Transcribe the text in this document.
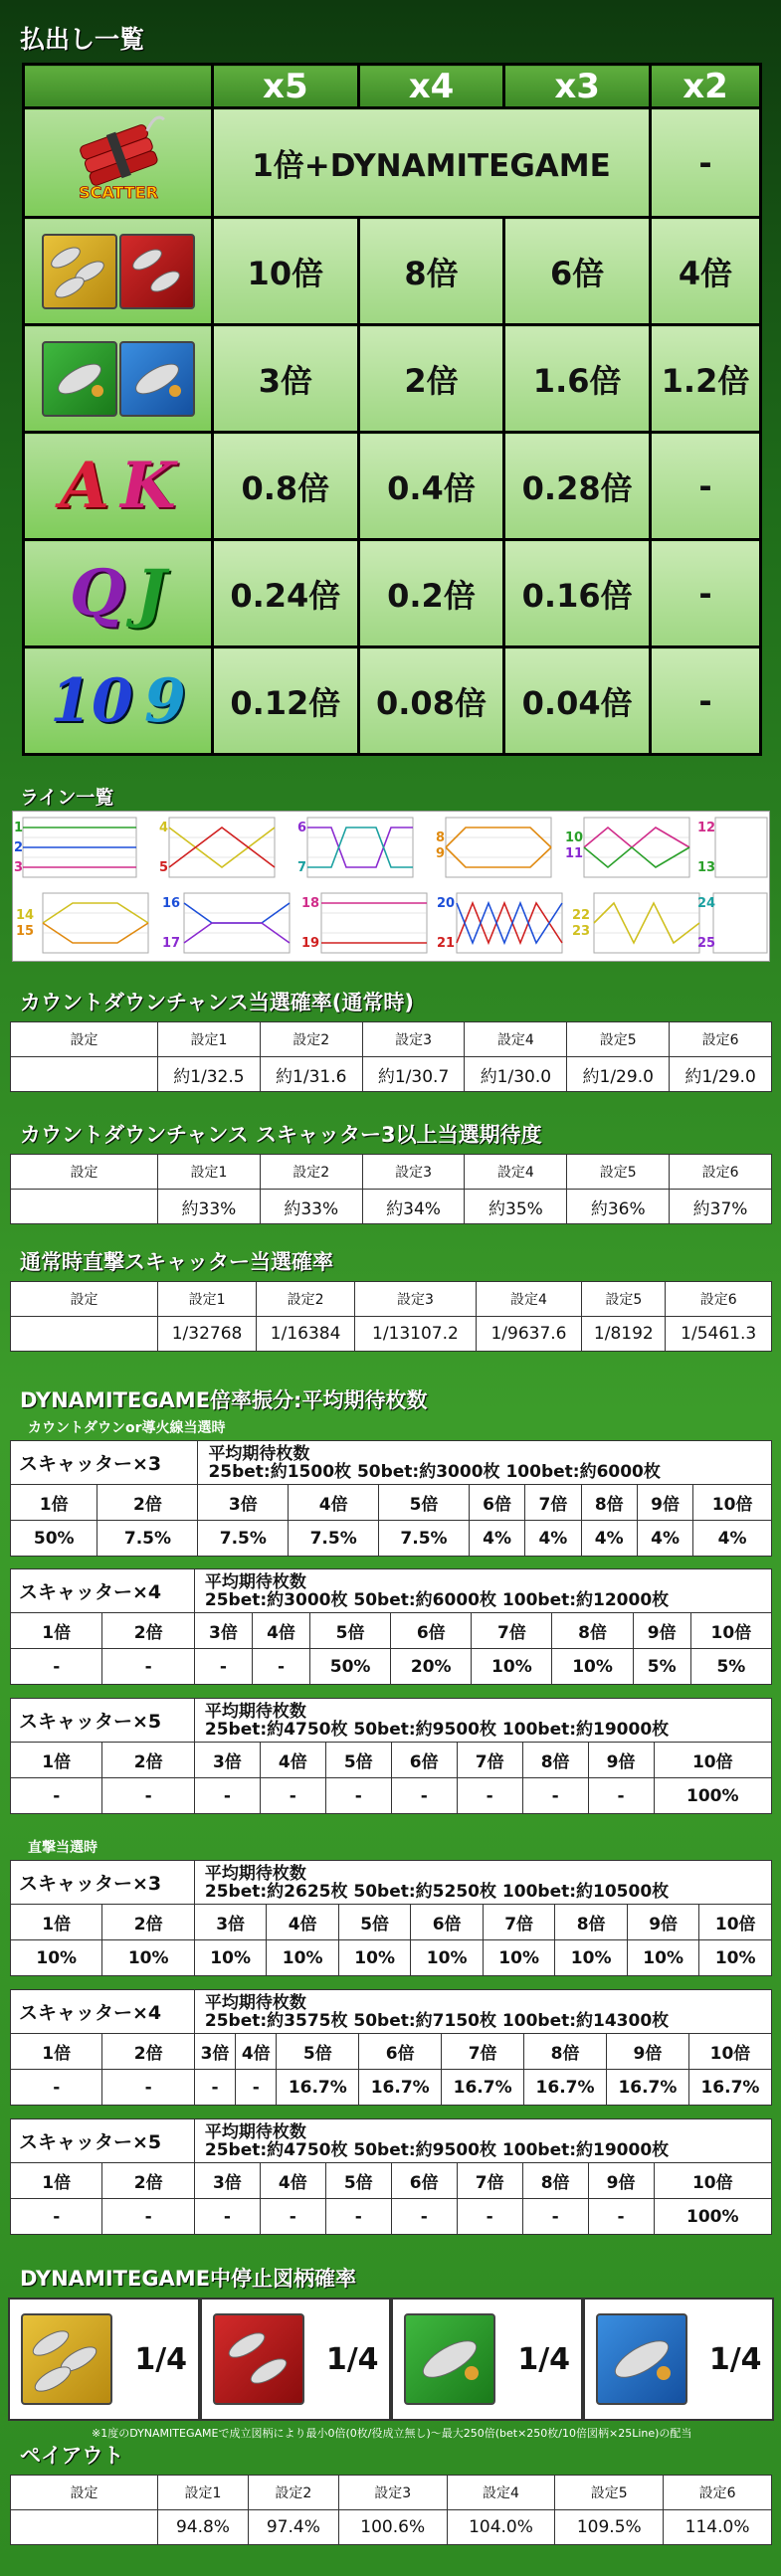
払出し一覧
	x5	x4	x3	x2

SCATTER	1倍+DYNAMITEGAME			-
	10倍	8倍	6倍	4倍
	3倍	2倍	1.6倍	1.2倍
A K	0.8倍	0.4倍	0.28倍	-
Q J	0.24倍	0.2倍	0.16倍	-
10 9	0.12倍	0.08倍	0.04倍	-
ライン一覧
1
2
3
4
5
6
7
8
9
10
11
12
13
14
15
16
17
18
19
20
21
22
23
24
25
カウントダウンチャンス当選確率(通常時)
設定	設定1	設定2	設定3	設定4	設定5	設定6
	約1/32.5	約1/31.6	約1/30.7	約1/30.0	約1/29.0	約1/29.0
カウントダウンチャンス スキャッター3以上当選期待度
設定	設定1	設定2	設定3	設定4	設定5	設定6
	約33%	約33%	約34%	約35%	約36%	約37%
通常時直撃スキャッター当選確率
設定	設定1	設定2	設定3	設定4	設定5	設定6
	1/32768	1/16384	1/13107.2	1/9637.6	1/8192	1/5461.3
DYNAMITEGAME倍率振分:平均期待枚数
カウントダウンor導火線当選時
スキャッター×3		平均期待枚数
25bet:約1500枚 50bet:約3000枚 100bet:約6000枚							

1倍	2倍	3倍	4倍	5倍	6倍	7倍	8倍	9倍	10倍
50%	7.5%	7.5%	7.5%	7.5%	4%	4%	4%	4%	4%
スキャッター×4		平均期待枚数
25bet:約3000枚 50bet:約6000枚 100bet:約12000枚							

1倍	2倍	3倍	4倍	5倍	6倍	7倍	8倍	9倍	10倍
-	-	-	-	50%	20%	10%	10%	5%	5%
スキャッター×5		平均期待枚数
25bet:約4750枚 50bet:約9500枚 100bet:約19000枚							

1倍	2倍	3倍	4倍	5倍	6倍	7倍	8倍	9倍	10倍
-	-	-	-	-	-	-	-	-	100%
スキャッター×3		平均期待枚数
25bet:約2625枚 50bet:約5250枚 100bet:約10500枚							

1倍	2倍	3倍	4倍	5倍	6倍	7倍	8倍	9倍	10倍
10%	10%	10%	10%	10%	10%	10%	10%	10%	10%
スキャッター×4		平均期待枚数
25bet:約3575枚 50bet:約7150枚 100bet:約14300枚							

1倍	2倍	3倍	4倍	5倍	6倍	7倍	8倍	9倍	10倍
-	-	-	-	16.7%	16.7%	16.7%	16.7%	16.7%	16.7%
スキャッター×5		平均期待枚数
25bet:約4750枚 50bet:約9500枚 100bet:約19000枚							

1倍	2倍	3倍	4倍	5倍	6倍	7倍	8倍	9倍	10倍
-	-	-	-	-	-	-	-	-	100%
直撃当選時
DYNAMITEGAME中停止図柄確率
1/4	1/4	1/4	1/4
※1度のDYNAMITEGAMEで成立図柄により最小0倍(0枚/役成立無し)～最大250倍(bet×250枚/10倍図柄×25Line)の配当
ペイアウト
設定	設定1	設定2	設定3	設定4	設定5	設定6
	94.8%	97.4%	100.6%	104.0%	109.5%	114.0%
